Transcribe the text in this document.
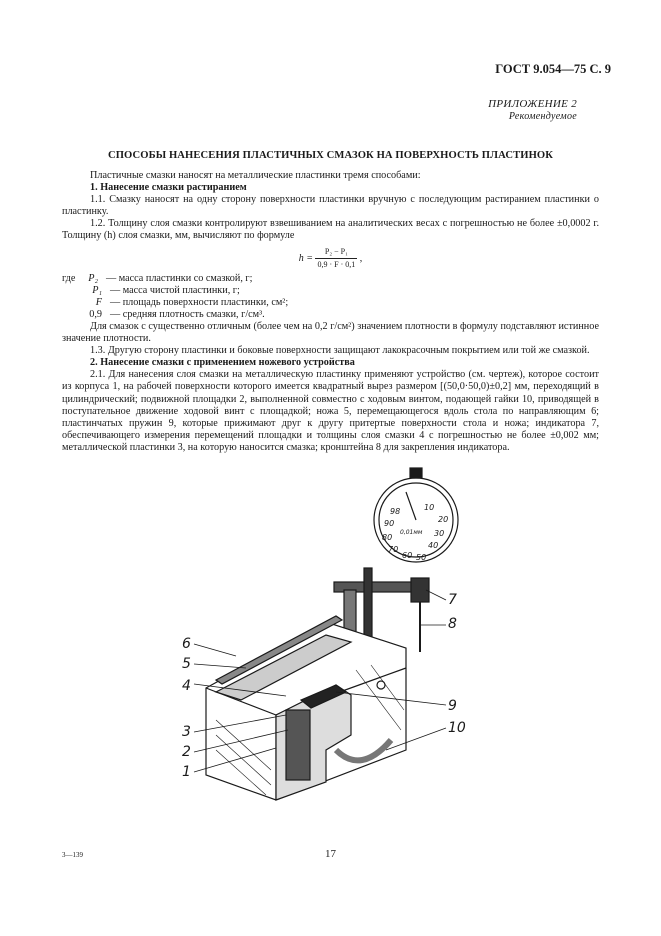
ГОСТ 9.054—75 С. 9
ПРИЛОЖЕНИЕ 2
Рекомендуемое
СПОСОБЫ НАНЕСЕНИЯ ПЛАСТИЧНЫХ СМАЗОК НА ПОВЕРХНОСТЬ ПЛАСТИНОК

Пластичные смазки наносят на металлические пластинки тремя способами:

1. Нанесение смазки растиранием

1.1. Смазку наносят на одну сторону поверхности пластинки вручную с последующим растиранием пластинки о пластинку.

1.2. Толщину слоя смазки контролируют взвешиванием на аналитических весах с погрешностью не более ±0,0002 г. Толщину (h) слоя смазки, мм, вычисляют по формуле

$h = \frac{\text{P₂ − P₁}}{0,9 \cdot F \cdot 0,1}$ ,
где	P₂ — масса пластинки со смазкой, г;
P₁ — масса чистой пластинки, г;
F — площадь поверхности пластинки, см²;
0,9 — средняя плотность смазки, г/см³.

Для смазок с существенно отличным (более чем на 0,2 г/см²) значением плотности в формулу подставляют истинное значение плотности.

1.3. Другую сторону пластинки и боковые поверхности защищают лакокрасочным покрытием или той же смазкой.

2. Нанесение смазки с применением ножевого устройства

2.1. Для нанесения слоя смазки на металлическую пластинку применяют устройство (см. чертеж), которое состоит из корпуса 1, на рабочей поверхности которого имеется квадратный вырез размером [(50,0·50,0)±0,2] мм, переходящий в цилиндрический; подвижной площадки 2, выполненной совместно с ходовым винтом, подающей гайки 10, приводящей в поступательное движение ходовой винт с площадкой; ножа 5, перемещающегося вдоль стола по направляющим 6; пластинчатых пружин 9, которые прижимают друг к другу притертые поверхности стола и ножа; индикатора 7, обеспечивающего измерения перемещений площадки и толщины слоя смазки 4 с погрешностью не более ±0,002 мм; металлической пластинки 3, на которую наносится смазка; кронштейна 8 для закрепления индикатора.

6
5
4
3
2
1
9
10
7
8
98	10
20
90
80
70
0,01мм 30
60
40
50
3—139	17
